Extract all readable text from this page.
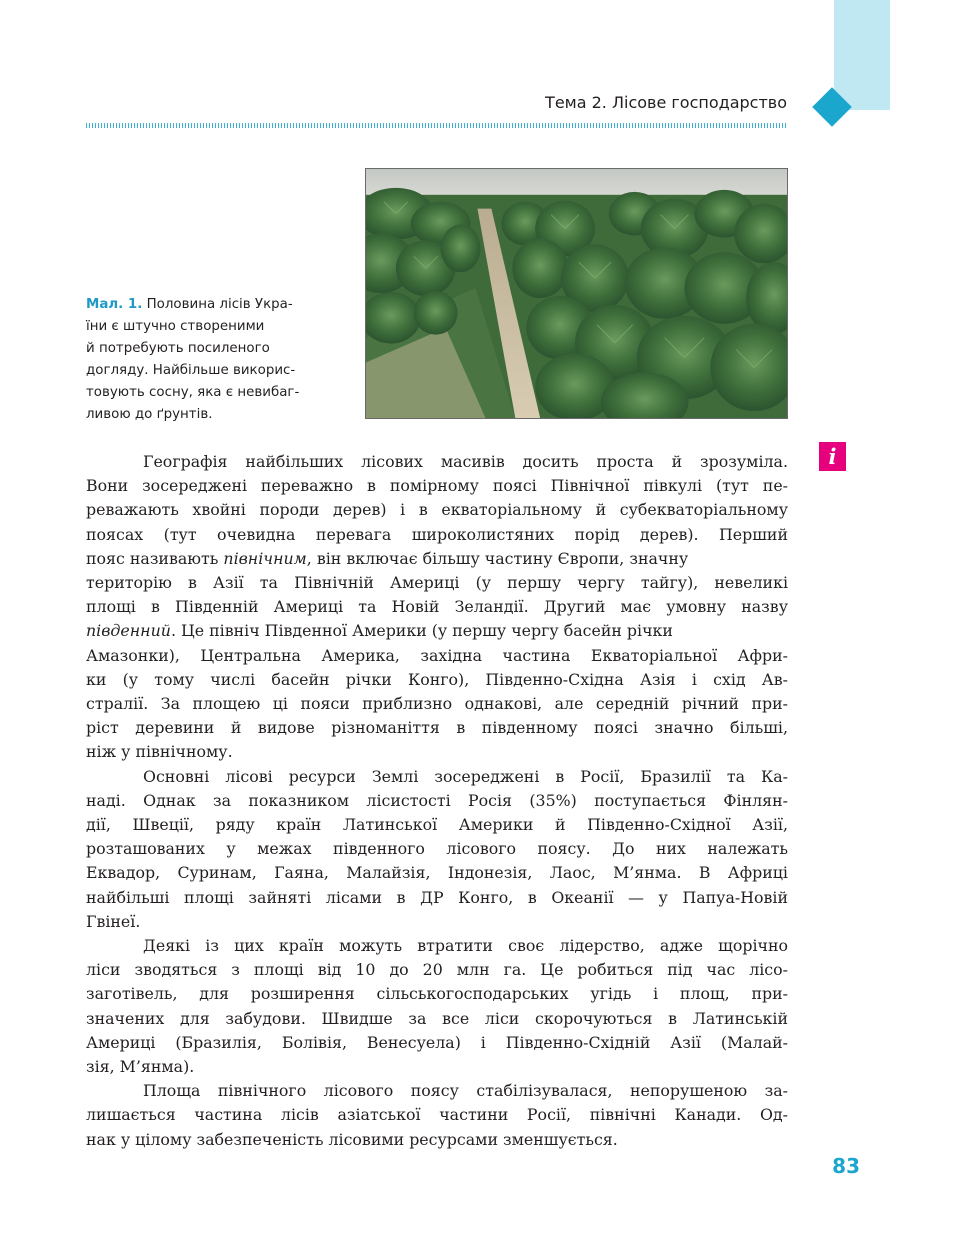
Тема 2. Лісове господарство
Мал. 1. Половина лісів Укра-
їни є штучно створеними
й потребують посиленого
догляду. Найбільше викорис-
товують сосну, яка є невибаг-
ливою до ґрунтів.
i
Географія найбільших лісових масивів досить проста й зрозуміла.
Вони зосереджені переважно в помірному поясі Північної півкулі (тут пе-
реважають хвойні породи дерев) і в екваторіальному й субекваторіальному
поясах (тут очевидна перевага широколистяних порід дерев). Перший
пояс називають північним, він включає більшу частину Європи, значну
територію в Азії та Північній Америці (у першу чергу тайгу), невеликі
площі в Південній Америці та Новій Зеландії. Другий має умовну назву
південний. Це північ Південної Америки (у першу чергу басейн річки
Амазонки), Центральна Америка, західна частина Екваторіальної Афри-
ки (у тому числі басейн річки Конго), Південно-Східна Азія і схід Ав-
стралії. За площею ці пояси приблизно однакові, але середній річний при-
ріст деревини й видове різноманіття в південному поясі значно більші,
ніж у північному.
Основні лісові ресурси Землі зосереджені в Росії, Бразилії та Ка-
наді. Однак за показником лісистості Росія (35%) поступається Фінлян-
дії, Швеції, ряду країн Латинської Америки й Південно-Східної Азії,
розташованих у межах південного лісового поясу. До них належать
Еквадор, Суринам, Гаяна, Малайзія, Індонезія, Лаос, М’янма. В Африці
найбільші площі зайняті лісами в ДР Конго, в Океанії — у Папуа-Новій
Гвінеї.
Деякі із цих країн можуть втратити своє лідерство, адже щорічно
ліси зводяться з площі від 10 до 20 млн га. Це робиться під час лісо-
заготівель, для розширення сільськогосподарських угідь і площ, при-
значених для забудови. Швидше за все ліси скорочуються в Латинській
Америці (Бразилія, Болівія, Венесуела) і Південно-Східній Азії (Малай-
зія, М’янма).
Площа північного лісового поясу стабілізувалася, непорушеною за-
лишається частина лісів азіатської частини Росії, північні Канади. Од-
нак у цілому забезпеченість лісовими ресурсами зменшується.
83
